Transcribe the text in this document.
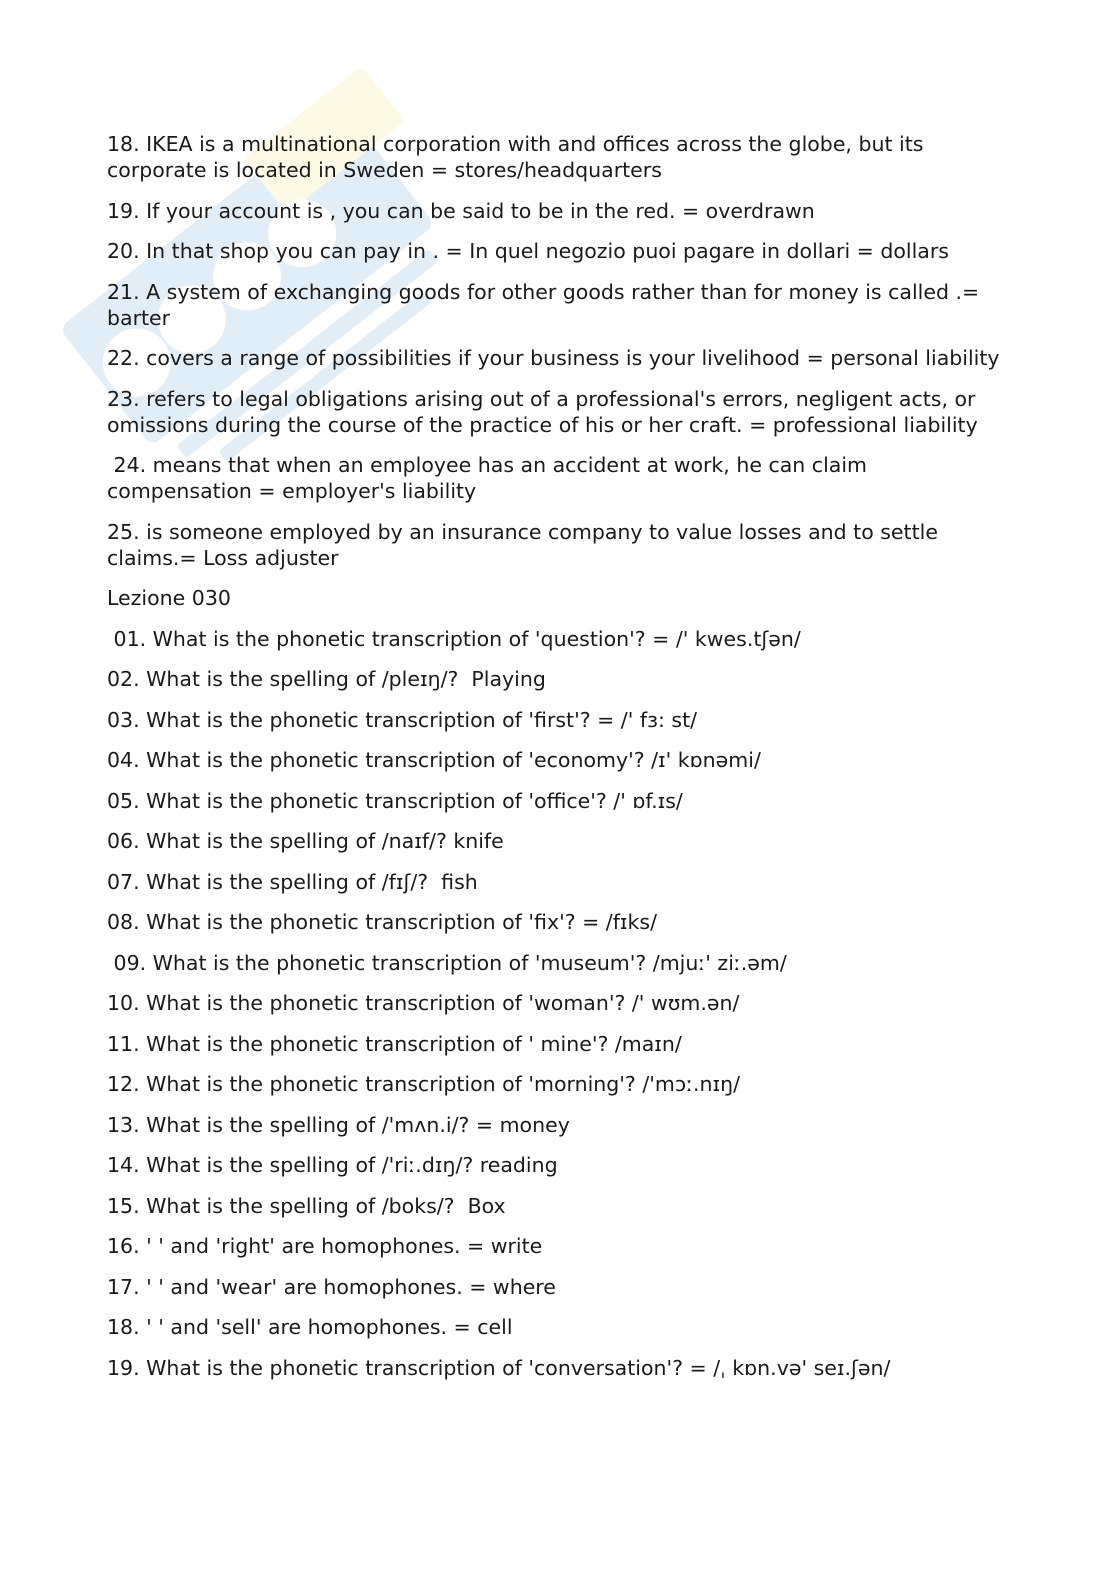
18. IKEA is a multinational corporation with and offices across the globe, but its corporate is located in Sweden = stores/headquarters

19. If your account is , you can be said to be in the red. = overdrawn

20. In that shop you can pay in . = In quel negozio puoi pagare in dollari = dollars

21. A system of exchanging goods for other goods rather than for money is called .= barter

22. covers a range of possibilities if your business is your livelihood = personal liability

23. refers to legal obligations arising out of a professional's errors, negligent acts, or omissions during the course of the practice of his or her craft. = professional liability

24. means that when an employee has an accident at work, he can claim compensation = employer's liability

25. is someone employed by an insurance company to value losses and to settle claims.= Loss adjuster

Lezione 030

01. What is the phonetic transcription of 'question'? = /' kwes.tʃən/

02. What is the spelling of /pleɪŋ/?  Playing

03. What is the phonetic transcription of 'first'? = /' fɜ: st/

04. What is the phonetic transcription of 'economy'? /ɪ' kɒnəmi/

05. What is the phonetic transcription of 'office'? /' ɒf.ɪs/

06. What is the spelling of /naɪf/? knife

07. What is the spelling of /fɪʃ/?  fish

08. What is the phonetic transcription of 'fix'? = /fɪks/

09. What is the phonetic transcription of 'museum'? /mjuː' ziː.əm/

10. What is the phonetic transcription of 'woman'? /' wʊm.ən/

11. What is the phonetic transcription of ' mine'? /maɪn/

12. What is the phonetic transcription of 'morning'? /'mɔː.nɪŋ/

13. What is the spelling of /'mʌn.i/? = money

14. What is the spelling of /'riː.dɪŋ/? reading

15. What is the spelling of /boks/?  Box

16. ' ' and 'right' are homophones. = write

17. ' ' and 'wear' are homophones. = where

18. ' ' and 'sell' are homophones. = cell

19. What is the phonetic transcription of 'conversation'? = /ˌ kɒn.və' seɪ.ʃən/
